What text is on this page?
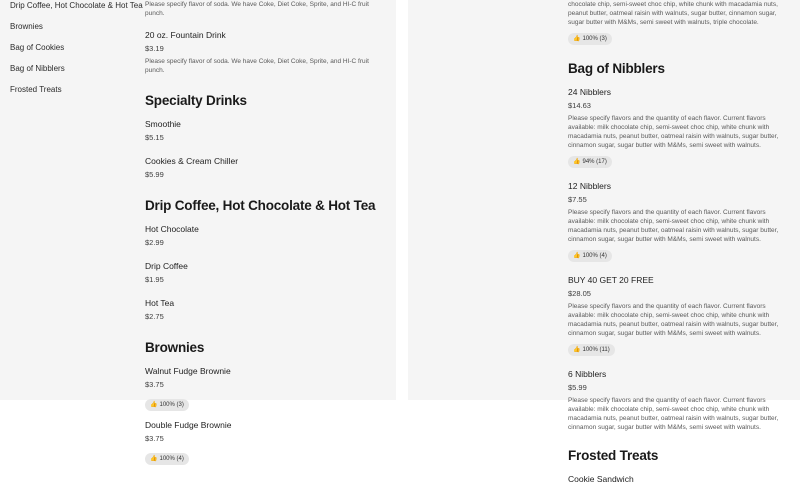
Drip Coffee, Hot Chocolate & Hot Tea
Brownies
Bag of Cookies
Bag of Nibblers
Frosted Treats
Please specify flavor of soda. We have Coke, Diet Coke, Sprite, and HI-C fruit punch.
20 oz. Fountain Drink
$3.19
Please specify flavor of soda. We have Coke, Diet Coke, Sprite, and HI-C fruit punch.
Specialty Drinks
Smoothie
$5.15
Cookies & Cream Chiller
$5.99
Drip Coffee, Hot Chocolate & Hot Tea
Hot Chocolate
$2.99
Drip Coffee
$1.95
Hot Tea
$2.75
Brownies
Walnut Fudge Brownie
$3.75
👍 100% (3)
Double Fudge Brownie
$3.75
👍 100% (4)
chocolate chip, semi-sweet choc chip, white chunk with macadamia nuts, peanut butter, oatmeal raisin with walnuts, sugar butter, cinnamon sugar, sugar butter with M&Ms, semi sweet with walnuts, triple chocolate.
👍 100% (3)
Bag of Nibblers
24 Nibblers
$14.63
Please specify flavors and the quantity of each flavor. Current flavors available: milk chocolate chip, semi-sweet choc chip, white chunk with macadamia nuts, peanut butter, oatmeal raisin with walnuts, sugar butter, cinnamon sugar, sugar butter with M&Ms, semi sweet with walnuts.
👍 94% (17)
12 Nibblers
$7.55
Please specify flavors and the quantity of each flavor. Current flavors available: milk chocolate chip, semi-sweet choc chip, white chunk with macadamia nuts, peanut butter, oatmeal raisin with walnuts, sugar butter, cinnamon sugar, sugar butter with M&Ms, semi sweet with walnuts.
👍 100% (4)
BUY 40 GET 20 FREE
$28.05
Please specify flavors and the quantity of each flavor. Current flavors available: milk chocolate chip, semi-sweet choc chip, white chunk with macadamia nuts, peanut butter, oatmeal raisin with walnuts, sugar butter, cinnamon sugar, sugar butter with M&Ms, semi sweet with walnuts.
👍 100% (11)
6 Nibblers
$5.99
Please specify flavors and the quantity of each flavor. Current flavors available: milk chocolate chip, semi-sweet choc chip, white chunk with macadamia nuts, peanut butter, oatmeal raisin with walnuts, sugar butter, cinnamon sugar, sugar butter with M&Ms, semi sweet with walnuts.
Frosted Treats
Cookie Sandwich
